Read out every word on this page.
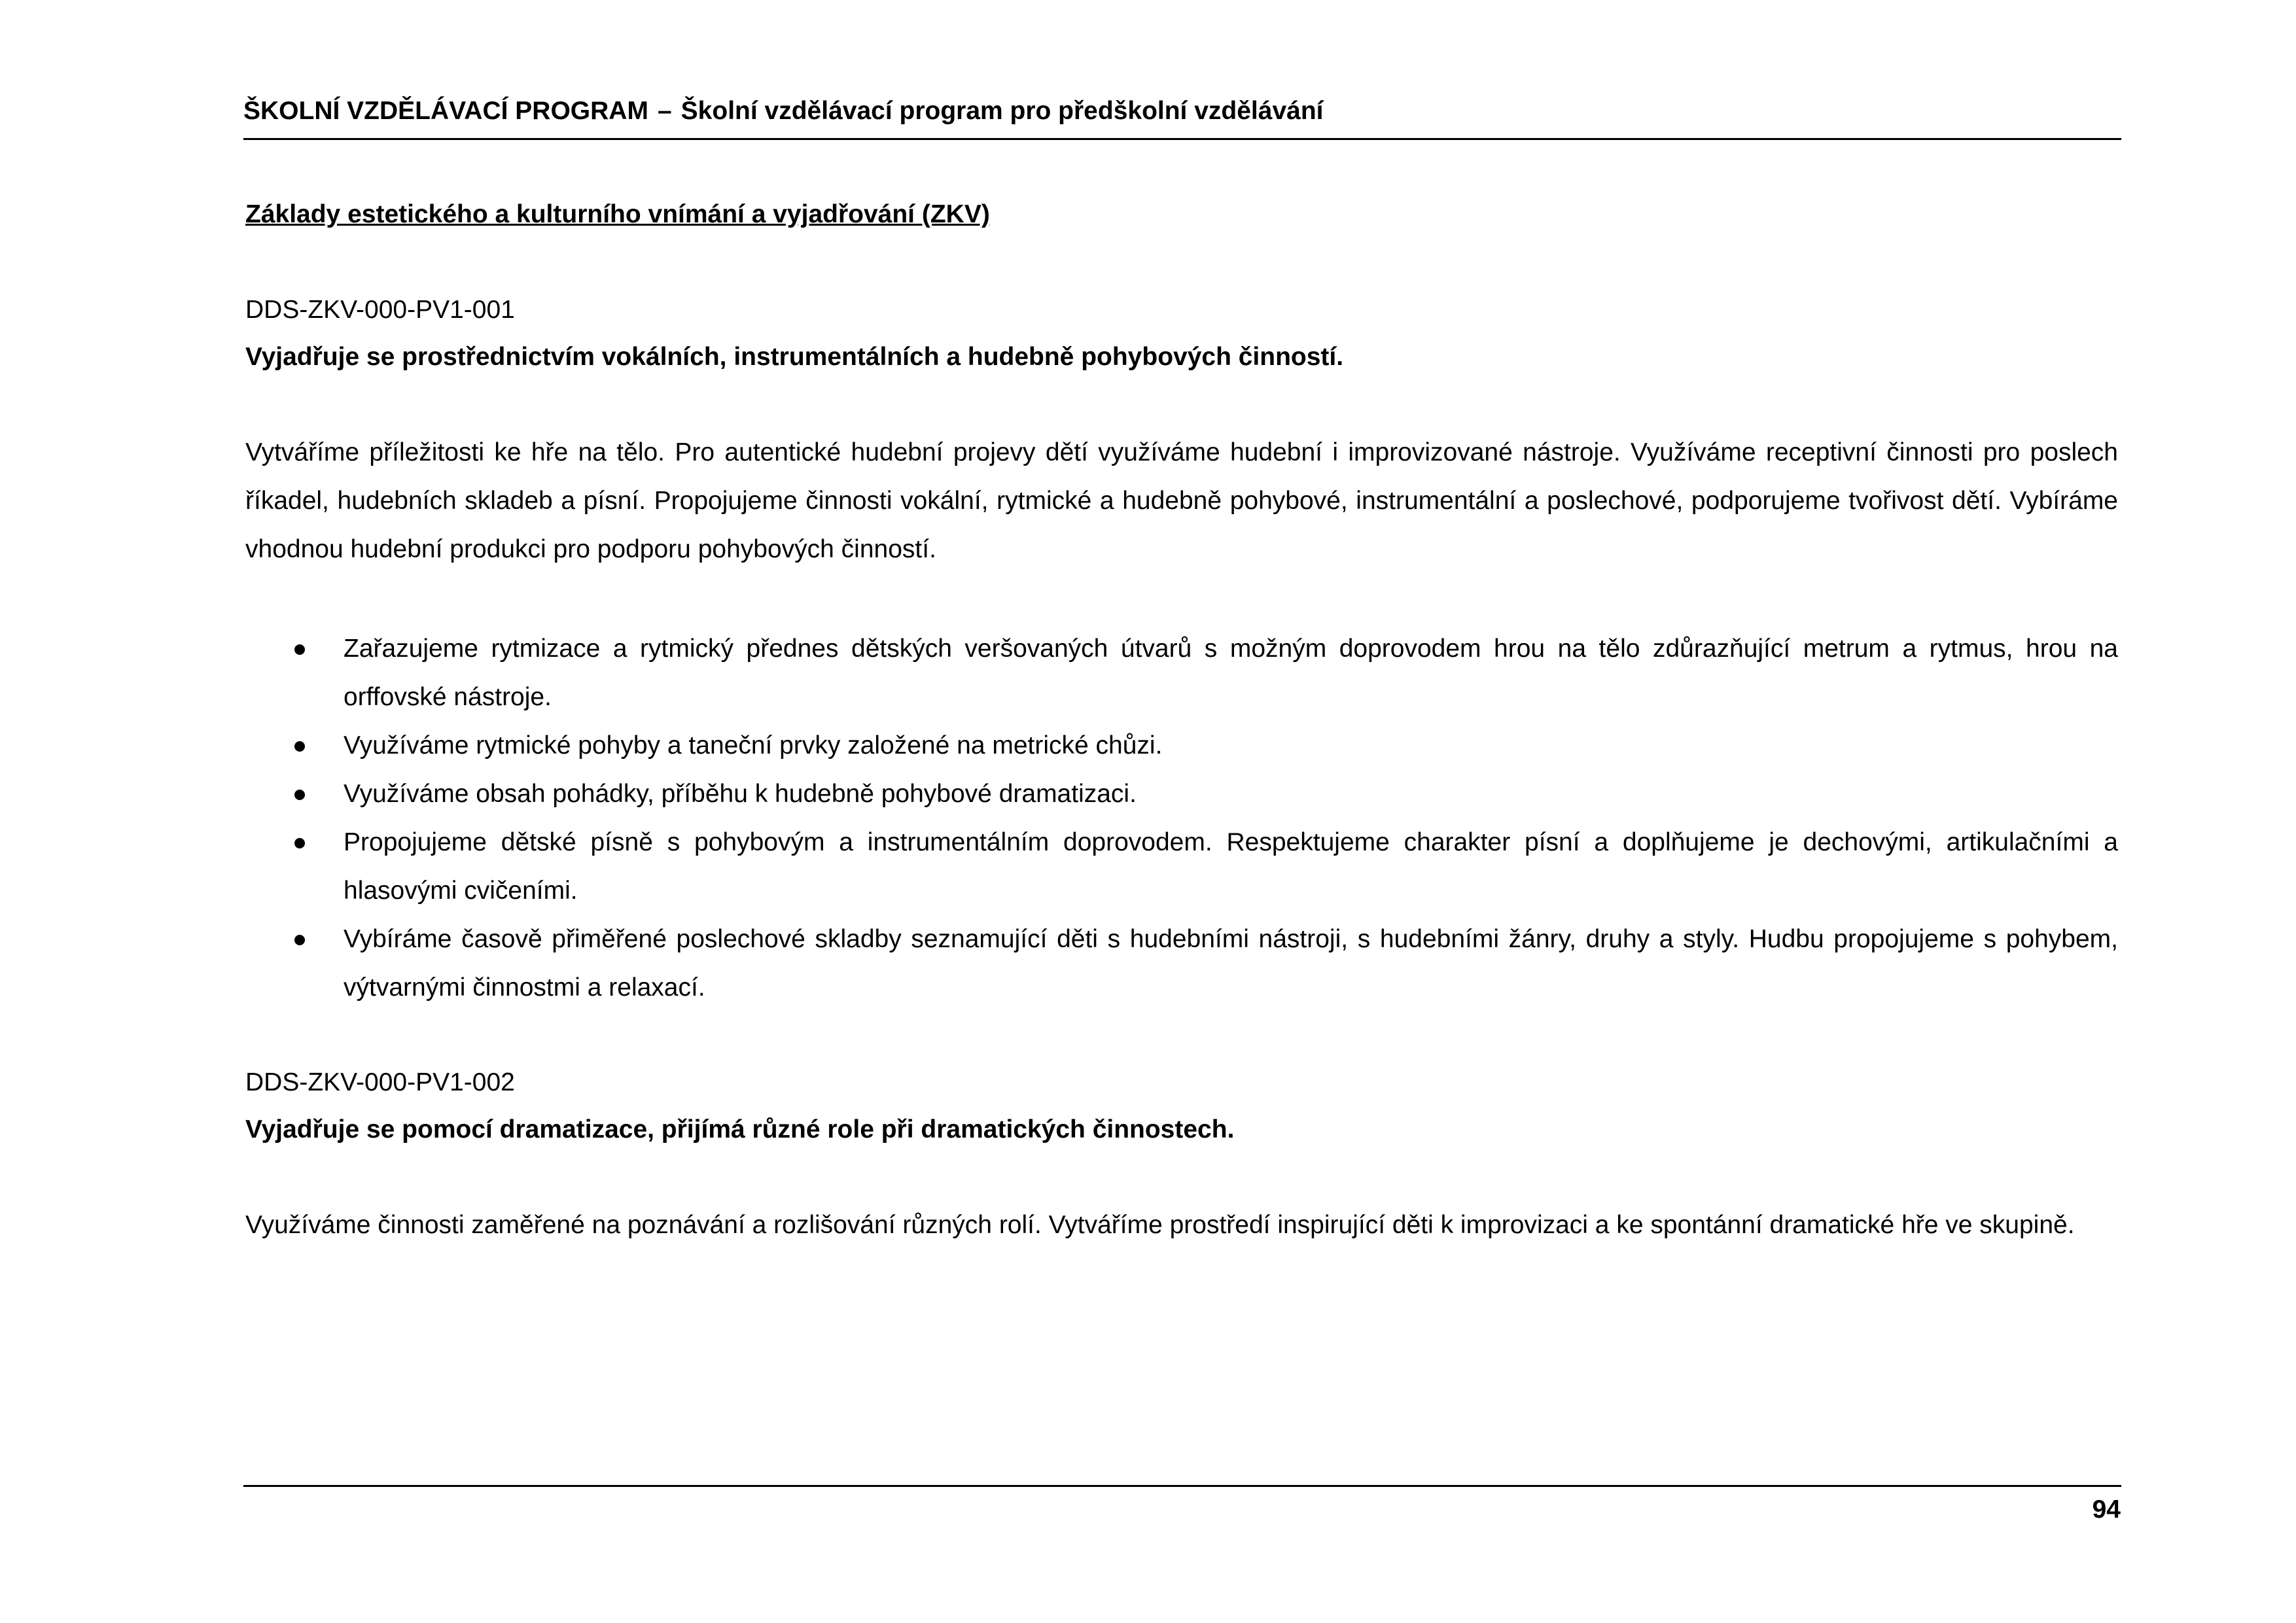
ŠKOLNÍ VZDĚLÁVACÍ PROGRAM – Školní vzdělávací program pro předškolní vzdělávání
Základy estetického a kulturního vnímání a vyjadřování (ZKV)
DDS-ZKV-000-PV1-001
Vyjadřuje se prostřednictvím vokálních, instrumentálních a hudebně pohybových činností.
Vytváříme příležitosti ke hře na tělo. Pro autentické hudební projevy dětí využíváme hudební i improvizované nástroje. Využíváme receptivní činnosti pro poslech říkadel, hudebních skladeb a písní. Propojujeme činnosti vokální, rytmické a hudebně pohybové, instrumentální a poslechové, podporujeme tvořivost dětí. Vybíráme vhodnou hudební produkci pro podporu pohybových činností.
Zařazujeme rytmizace a rytmický přednes dětských veršovaných útvarů s možným doprovodem hrou na tělo zdůrazňující metrum a rytmus, hrou na orffovské nástroje.
Využíváme rytmické pohyby a taneční prvky založené na metrické chůzi.
Využíváme obsah pohádky, příběhu k hudebně pohybové dramatizaci.
Propojujeme dětské písně s pohybovým a instrumentálním doprovodem. Respektujeme charakter písní a doplňujeme je dechovými, artikulačními a hlasovými cvičeními.
Vybíráme časově přiměřené poslechové skladby seznamující děti s hudebními nástroji, s hudebními žánry, druhy a styly. Hudbu propojujeme s pohybem, výtvarnými činnostmi a relaxací.
DDS-ZKV-000-PV1-002
Vyjadřuje se pomocí dramatizace, přijímá různé role při dramatických činnostech.
Využíváme činnosti zaměřené na poznávání a rozlišování různých rolí. Vytváříme prostředí inspirující děti k improvizaci a ke spontánní dramatické hře ve skupině.
94
